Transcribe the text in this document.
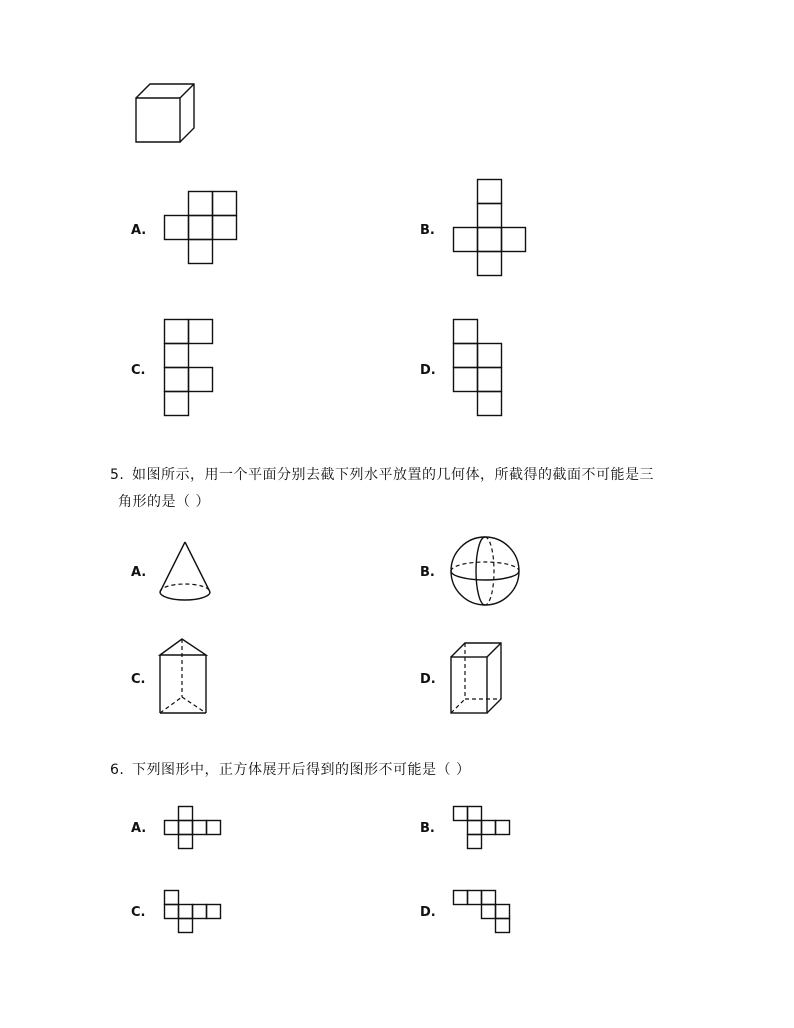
A.	B.
C.	D.
5. 如图所示，用一个平面分别去截下列水平放置的几何体，所截得的截面不可能是三
角形的是（ ）
A.	B.
C.	D.
6. 下列图形中，正方体展开后得到的图形不可能是（ ）
A.	B.
C.	D.
